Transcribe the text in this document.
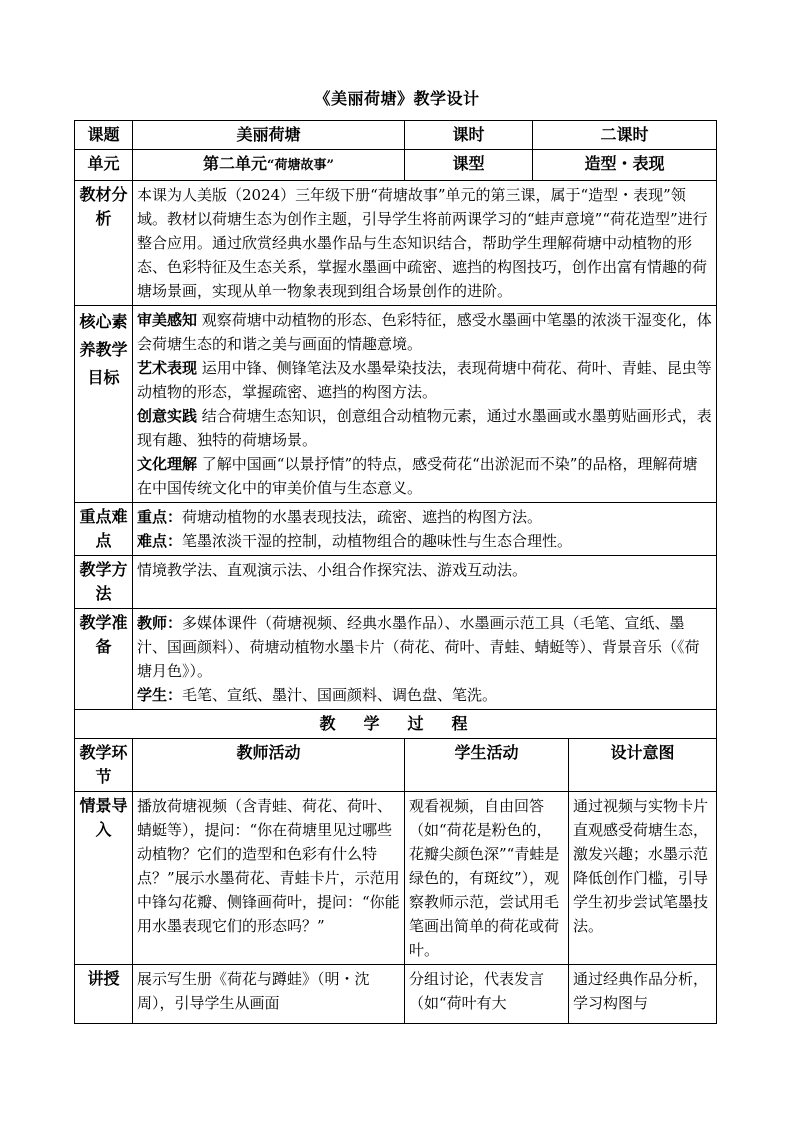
《美丽荷塘》教学设计
课题	美丽荷塘	课时	二课时	
单元	第二单元“荷塘故事”	课型	造型・表现	
教材分析	本课为人美版（2024）三年级下册“荷塘故事”单元的第三课，属于“造型・表现”领域。教材以荷塘生态为创作主题，引导学生将前两课学习的“蛙声意境”“荷花造型”进行整合应用。通过欣赏经典水墨作品与生态知识结合，帮助学生理解荷塘中动植物的形态、色彩特征及生态关系，掌握水墨画中疏密、遮挡的构图技巧，创作出富有情趣的荷塘场景画，实现从单一物象表现到组合场景创作的进阶。			
核心素养教学目标	审美感知 观察荷塘中动植物的形态、色彩特征，感受水墨画中笔墨的浓淡干湿变化，体会荷塘生态的和谐之美与画面的情趣意境。

艺术表现 运用中锋、侧锋笔法及水墨晕染技法，表现荷塘中荷花、荷叶、青蛙、昆虫等动植物的形态，掌握疏密、遮挡的构图方法。

创意实践 结合荷塘生态知识，创意组合动植物元素，通过水墨画或水墨剪贴画形式，表现有趣、独特的荷塘场景。

文化理解 了解中国画“以景抒情”的特点，感受荷花“出淤泥而不染”的品格，理解荷塘在中国传统文化中的审美价值与生态意义。			

重点难点	重点：荷塘动植物的水墨表现技法，疏密、遮挡的构图方法。

难点：笔墨浓淡干湿的控制，动植物组合的趣味性与生态合理性。			

教学方法	情境教学法、直观演示法、小组合作探究法、游戏互动法。			
教学准备	教师：多媒体课件（荷塘视频、经典水墨作品）、水墨画示范工具（毛笔、宣纸、墨汁、国画颜料）、荷塘动植物水墨卡片（荷花、荷叶、青蛙、蜻蜓等）、背景音乐（《荷塘月色》）。

学生：毛笔、宣纸、墨汁、国画颜料、调色盘、笔洗。			

教学过程				
教学环节	教师活动	学生活动		设计意图
情景导入	播放荷塘视频（含青蛙、荷花、荷叶、蜻蜓等），提问：“你在荷塘里见过哪些动植物？它们的造型和色彩有什么特点？”展示水墨荷花、青蛙卡片，示范用中锋勾花瓣、侧锋画荷叶，提问：“你能用水墨表现它们的形态吗？”	观看视频，自由回答（如“荷花是粉色的，花瓣尖颜色深”“青蛙是绿色的，有斑纹”），观察教师示范，尝试用毛笔画出简单的荷花或荷叶。		通过视频与实物卡片直观感受荷塘生态，激发兴趣；水墨示范降低创作门槛，引导学生初步尝试笔墨技法。
讲授	展示写生册《荷花与蹲蛙》（明・沈周），引导学生从画面	分组讨论，代表发言（如“荷叶有大		通过经典作品分析，学习构图与
